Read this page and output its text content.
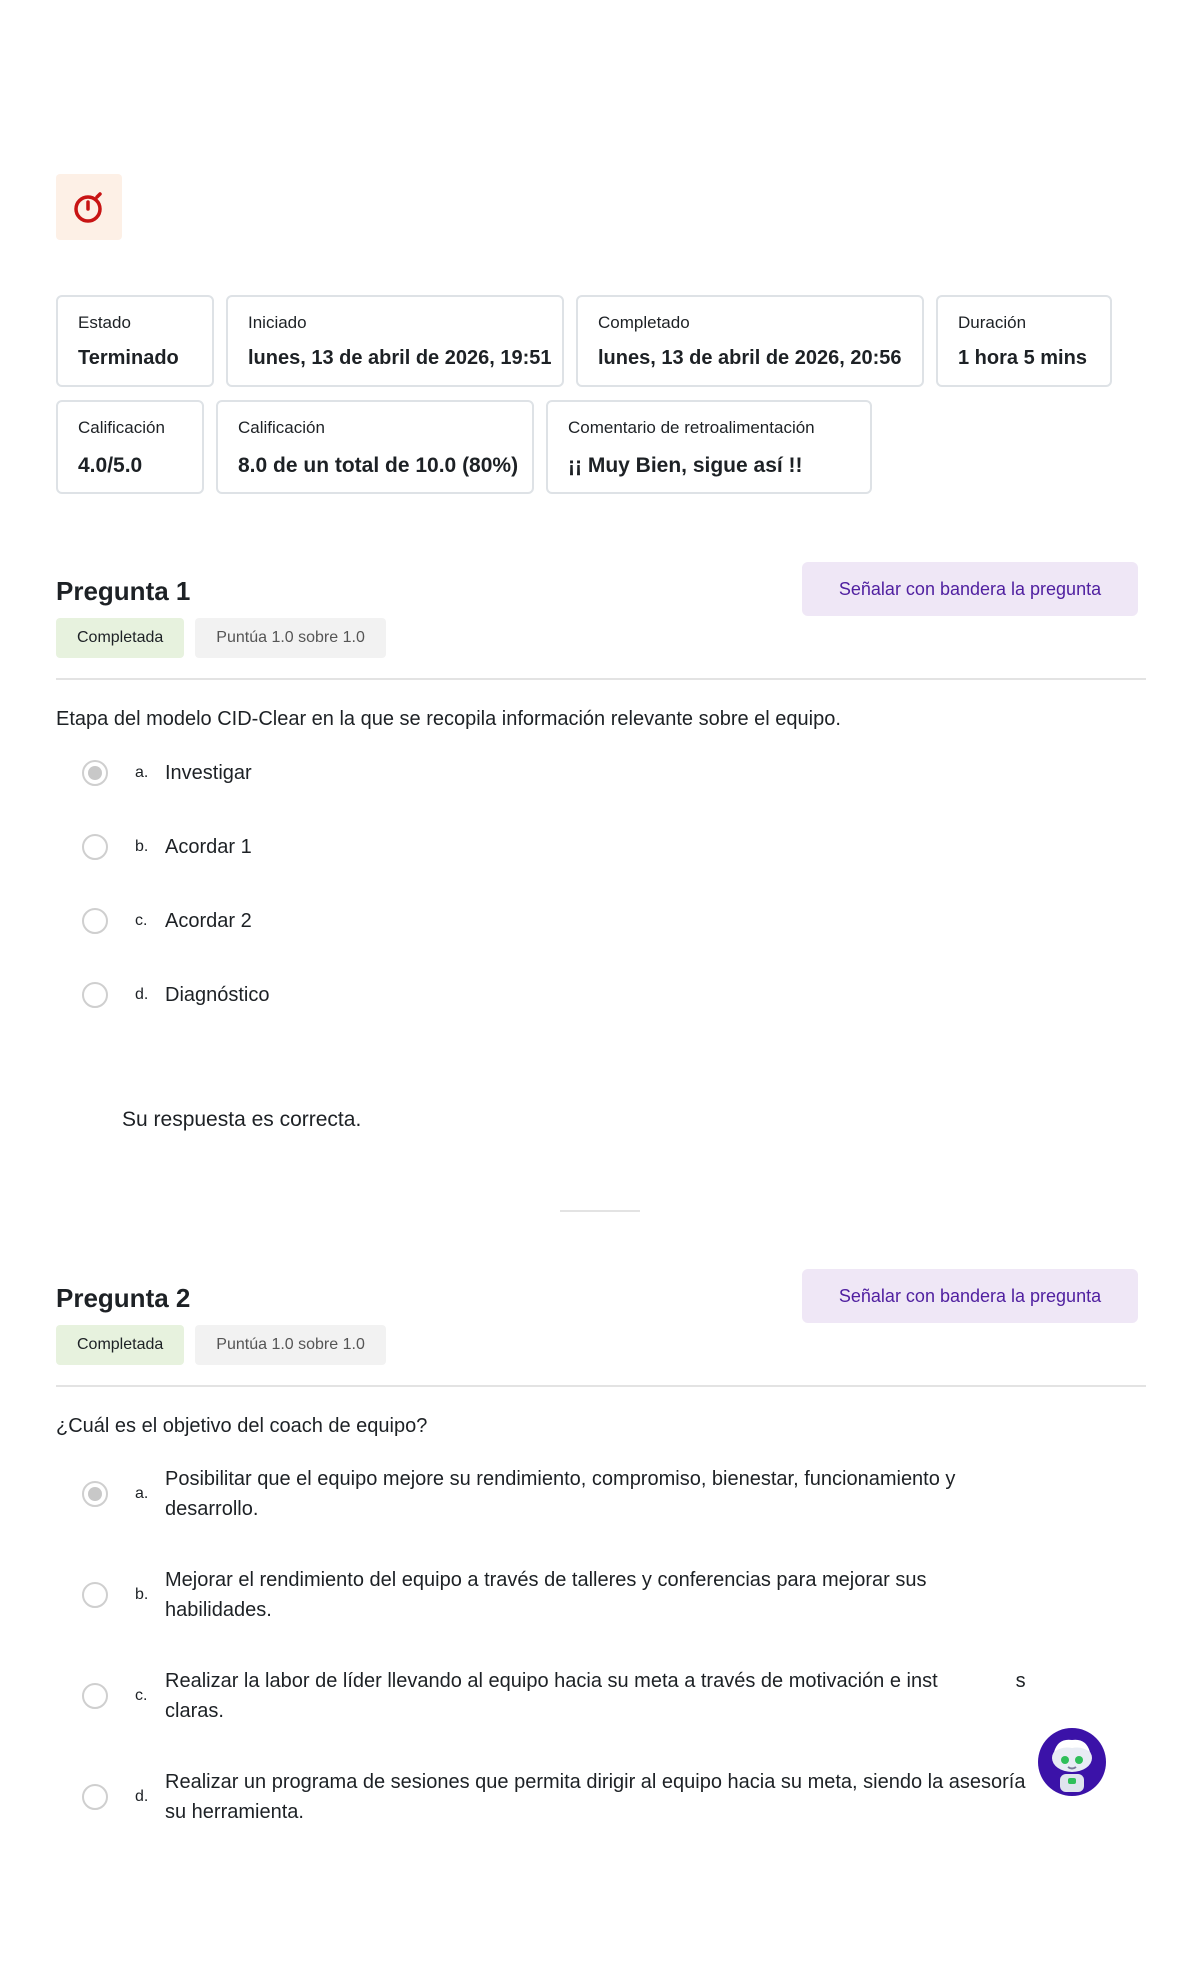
Estado
Terminado
Iniciado
lunes, 13 de abril de 2026, 19:51
Completado
lunes, 13 de abril de 2026, 20:56
Duración
1 hora 5 mins
Calificación
4.0/5.0
Calificación
8.0 de un total de 10.0 (80%)
Comentario de retroalimentación
¡¡ Muy Bien, sigue así !!
Pregunta 1	Señalar con bandera la pregunta
Completada	Puntúa 1.0 sobre 1.0
Etapa del modelo CID-Clear en la que se recopila información relevante sobre el equipo.
a. Investigar
b. Acordar 1
c. Acordar 2
d. Diagnóstico
Su respuesta es correcta.
Pregunta 2	Señalar con bandera la pregunta
Completada	Puntúa 1.0 sobre 1.0
¿Cuál es el objetivo del coach de equipo?
a.
Posibilitar que el equipo mejore su rendimiento, compromiso, bienestar, funcionamiento y
desarrollo.
b.
Mejorar el rendimiento del equipo a través de talleres y conferencias para mejorar sus
habilidades.
c.
Realizar la labor de líder llevando al equipo hacia su meta a través de motivación e inst	s
claras.
d.
Realizar un programa de sesiones que permita dirigir al equipo hacia su meta, siendo la asesoría
su herramienta.
